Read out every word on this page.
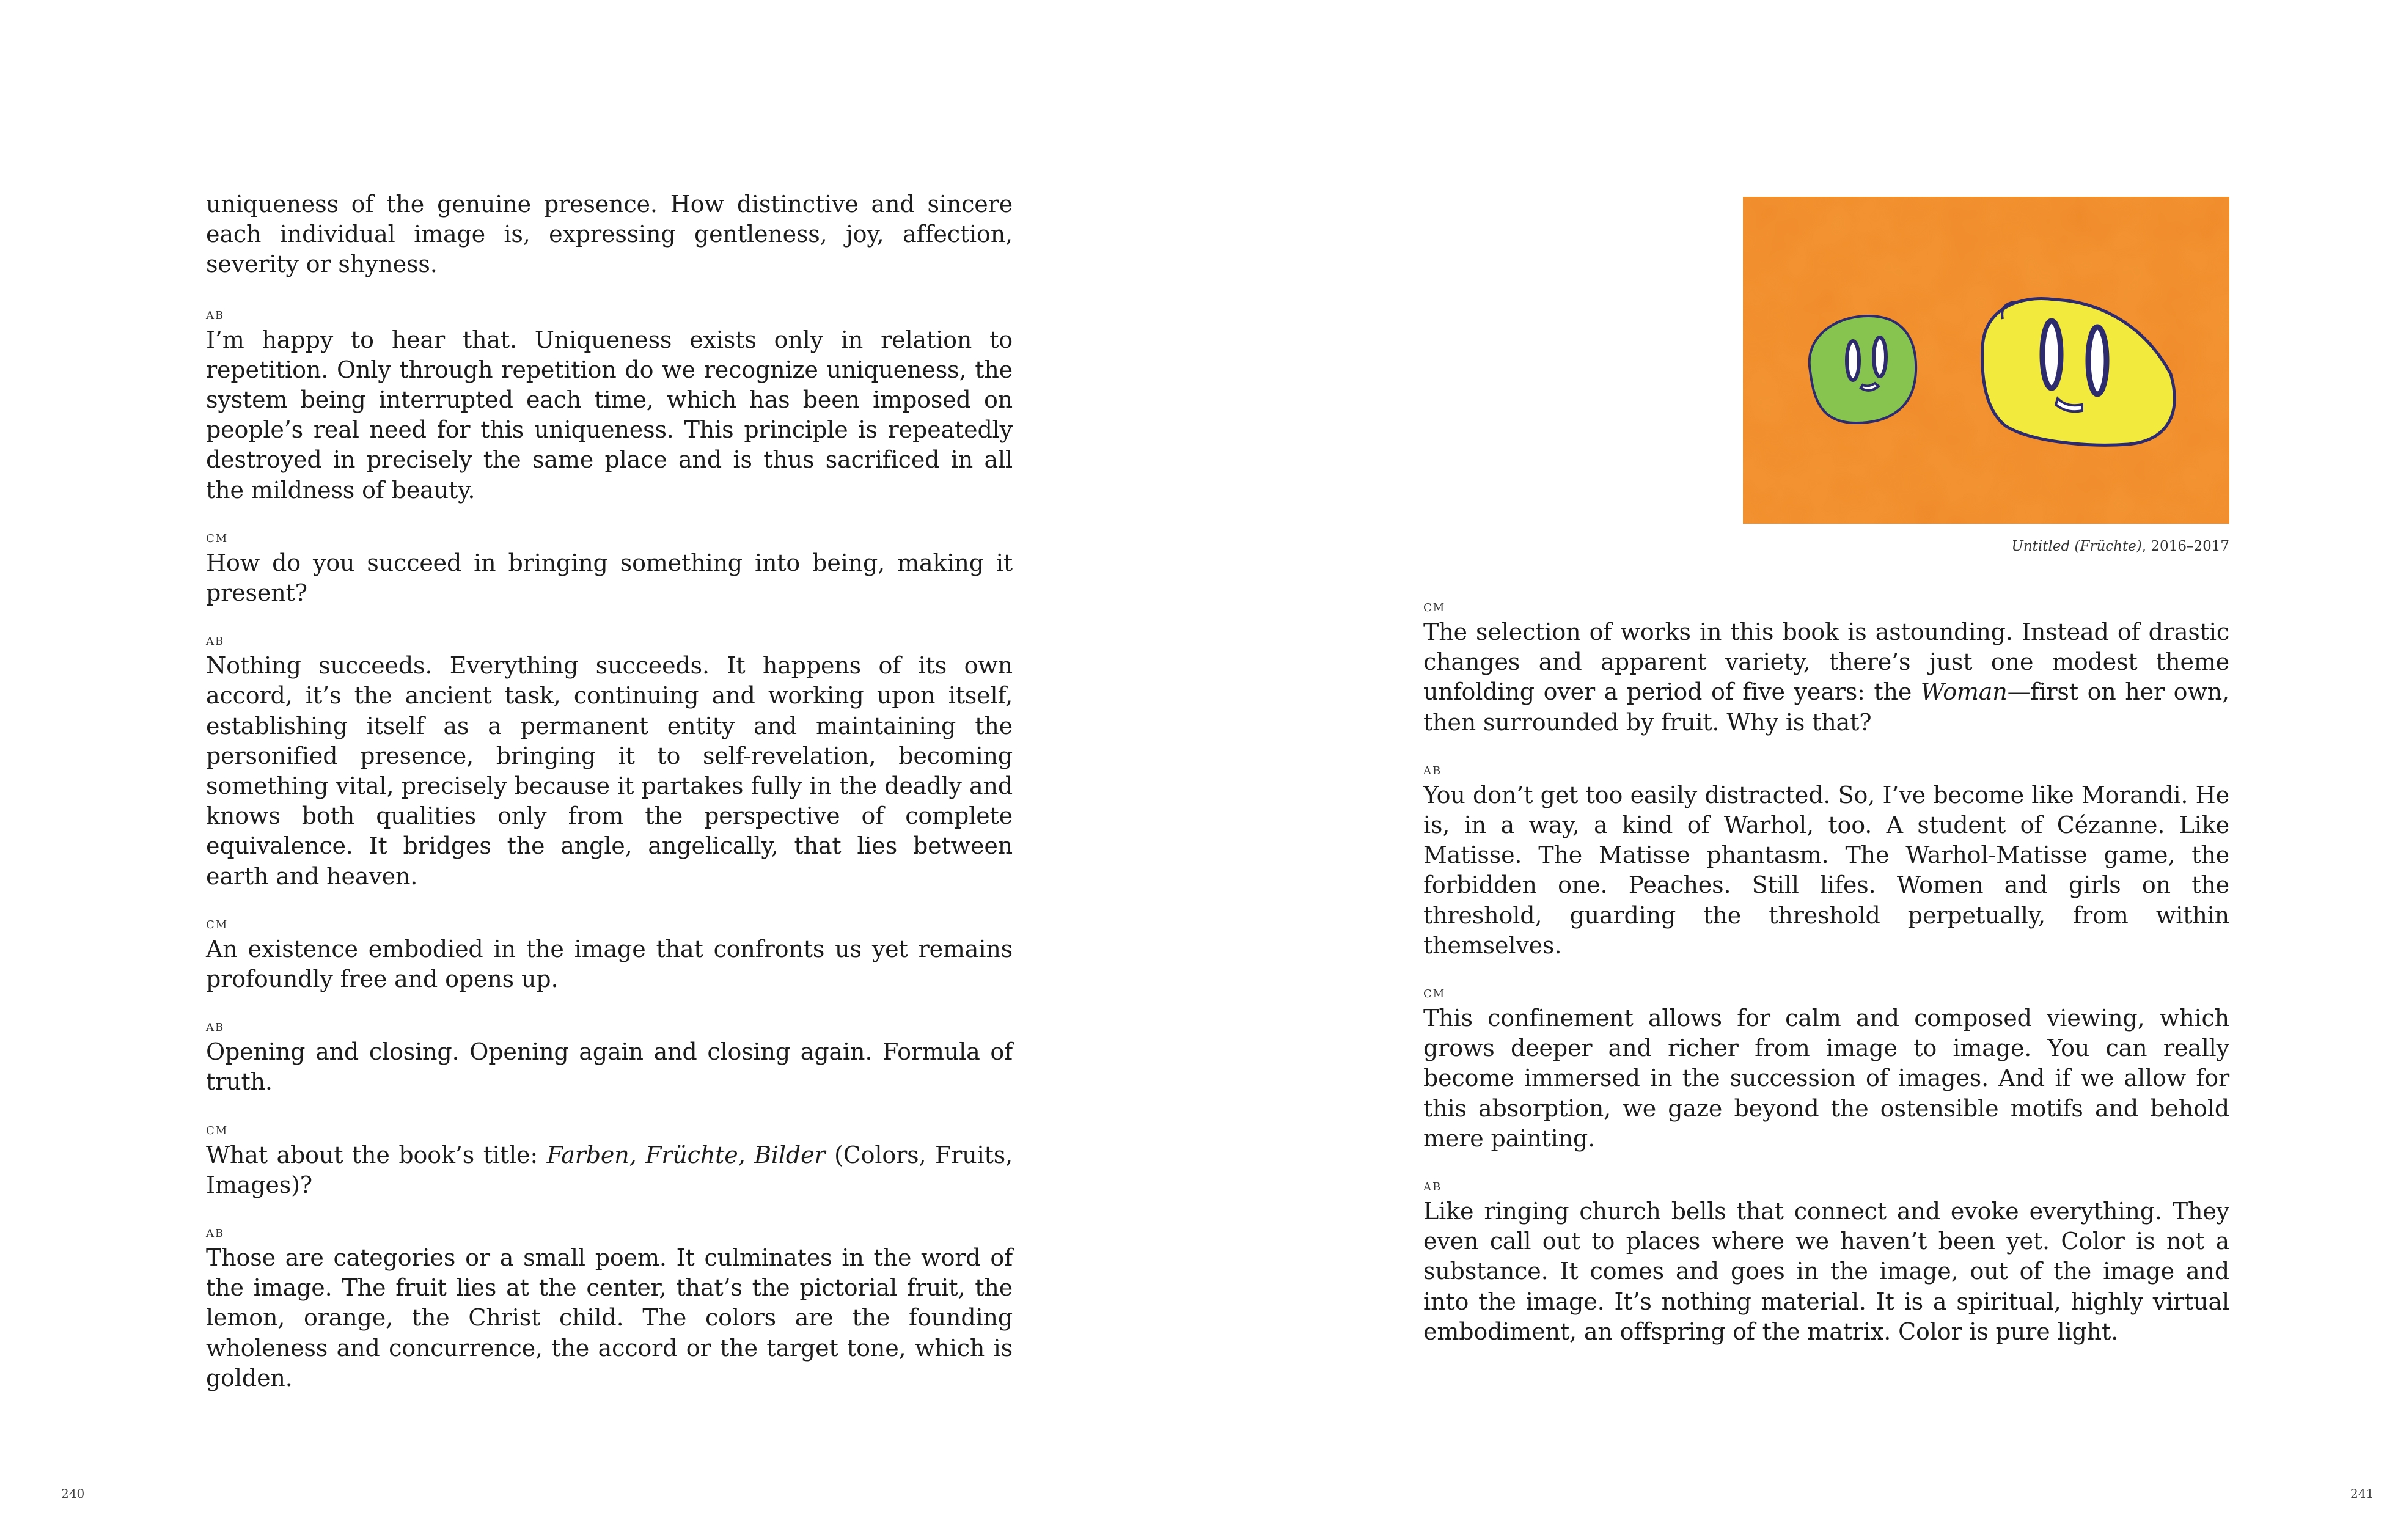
uniqueness of the genuine presence. How distinctive and sincere each individual image is, expressing gentleness, joy, affection, severity or shyness.

AB

I’m happy to hear that. Uniqueness exists only in relation to repetition. Only through repetition do we recognize uniqueness, the system being interrupted each time, which has been imposed on people’s real need for this uniqueness. This principle is repeatedly destroyed in precisely the same place and is thus sacrificed in all the mildness of beauty.

CM

How do you succeed in bringing something into being, making it present?

AB

Nothing succeeds. Everything succeeds. It happens of its own accord, it’s the ancient task, continuing and working upon itself, establishing itself as a permanent entity and maintaining the personified presence, bringing it to self-revelation, becoming something vital, precisely because it partakes fully in the deadly and knows both qualities only from the perspective of complete equivalence. It bridges the angle, angelically, that lies between earth and heaven.

CM

An existence embodied in the image that confronts us yet remains profoundly free and opens up.

AB

Opening and closing. Opening again and closing again. Formula of truth.

CM

What about the book’s title: Farben, Früchte, Bilder (Colors, Fruits, Images)?

AB

Those are categories or a small poem. It culminates in the word of the image. The fruit lies at the center, that’s the pictorial fruit, the lemon, orange, the Christ child. The colors are the founding wholeness and concurrence, the accord or the target tone, which is golden.

Untitled (Früchte), 2016–2017
CM

The selection of works in this book is astounding. Instead of drastic changes and apparent variety, there’s just one modest theme unfolding over a period of five years: the Woman—first on her own, then surrounded by fruit. Why is that?

AB

You don’t get too easily distracted. So, I’ve become like Morandi. He is, in a way, a kind of Warhol, too. A student of Cézanne. Like Matisse. The Matisse phantasm. The Warhol-Matisse game, the forbidden one. Peaches. Still lifes. Women and girls on the threshold, guarding the threshold perpetually, from within themselves.

CM

This confinement allows for calm and composed viewing, which grows deeper and richer from image to image. You can really become immersed in the succession of images. And if we allow for this absorption, we gaze beyond the ostensible motifs and behold mere painting.

AB

Like ringing church bells that connect and evoke everything. They even call out to places where we haven’t been yet. Color is not a substance. It comes and goes in the image, out of the image and into the image. It’s nothing material. It is a spiritual, highly virtual embodiment, an offspring of the matrix. Color is pure light.

240	241
